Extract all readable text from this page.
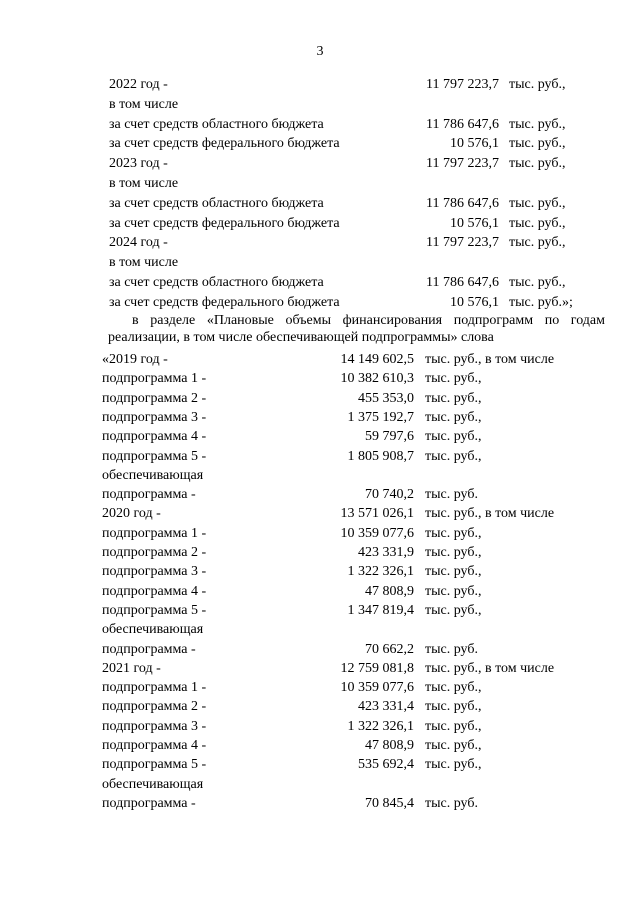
3
2022 год -	11 797 223,7 тыс. руб.,
в том числе
за счет средств областного бюджета	11 786 647,6 тыс. руб.,
за счет средств федерального бюджета	10 576,1 тыс. руб.,
2023 год -	11 797 223,7 тыс. руб.,
в том числе
за счет средств областного бюджета	11 786 647,6 тыс. руб.,
за счет средств федерального бюджета	10 576,1 тыс. руб.,
2024 год -	11 797 223,7 тыс. руб.,
в том числе
за счет средств областного бюджета	11 786 647,6 тыс. руб.,
за счет средств федерального бюджета	10 576,1 тыс. руб.»;
в разделе «Плановые объемы финансирования подпрограмм по годам реализации, в том числе обеспечивающей подпрограммы» слова
«2019 год -	14 149 602,5 тыс. руб., в том числе
подпрограмма 1 -	10 382 610,3 тыс. руб.,
подпрограмма 2 -	455 353,0 тыс. руб.,
подпрограмма 3 -	1 375 192,7 тыс. руб.,
подпрограмма 4 -	59 797,6 тыс. руб.,
подпрограмма 5 -	1 805 908,7 тыс. руб.,
обеспечивающая
подпрограмма -	70 740,2 тыс. руб.
2020 год -	13 571 026,1 тыс. руб., в том числе
подпрограмма 1 -	10 359 077,6 тыс. руб.,
подпрограмма 2 -	423 331,9 тыс. руб.,
подпрограмма 3 -	1 322 326,1 тыс. руб.,
подпрограмма 4 -	47 808,9 тыс. руб.,
подпрограмма 5 -	1 347 819,4 тыс. руб.,
обеспечивающая
подпрограмма -	70 662,2 тыс. руб.
2021 год -	12 759 081,8 тыс. руб., в том числе
подпрограмма 1 -	10 359 077,6 тыс. руб.,
подпрограмма 2 -	423 331,4 тыс. руб.,
подпрограмма 3 -	1 322 326,1 тыс. руб.,
подпрограмма 4 -	47 808,9 тыс. руб.,
подпрограмма 5 -	535 692,4 тыс. руб.,
обеспечивающая
подпрограмма -	70 845,4 тыс. руб.
